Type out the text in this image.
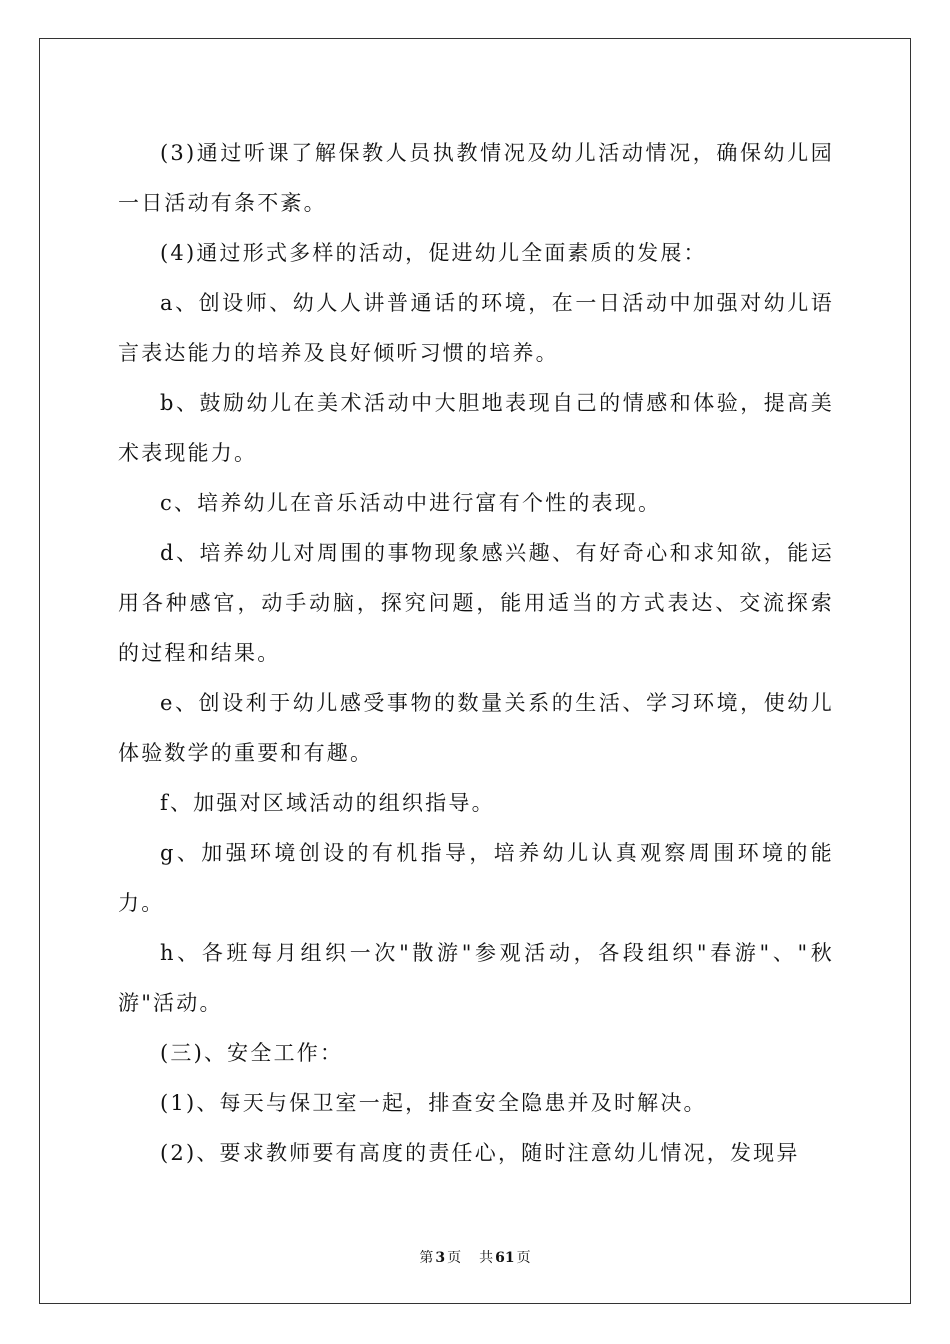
(3)通过听课了解保教人员执教情况及幼儿活动情况，确保幼儿园一日活动有条不紊。

(4)通过形式多样的活动，促进幼儿全面素质的发展：

a、创设师、幼人人讲普通话的环境，在一日活动中加强对幼儿语言表达能力的培养及良好倾听习惯的培养。

b、鼓励幼儿在美术活动中大胆地表现自己的情感和体验，提高美术表现能力。

c、培养幼儿在音乐活动中进行富有个性的表现。

d、培养幼儿对周围的事物现象感兴趣、有好奇心和求知欲，能运用各种感官，动手动脑，探究问题，能用适当的方式表达、交流探索的过程和结果。

e、创设利于幼儿感受事物的数量关系的生活、学习环境，使幼儿体验数学的重要和有趣。

f、加强对区域活动的组织指导。

g、加强环境创设的有机指导，培养幼儿认真观察周围环境的能力。

h、各班每月组织一次"散游"参观活动，各段组织"春游"、"秋游"活动。

(三)、安全工作：

(1)、每天与保卫室一起，排查安全隐患并及时解决。

(2)、要求教师要有高度的责任心，随时注意幼儿情况，发现异

第 3 页 共 61 页
